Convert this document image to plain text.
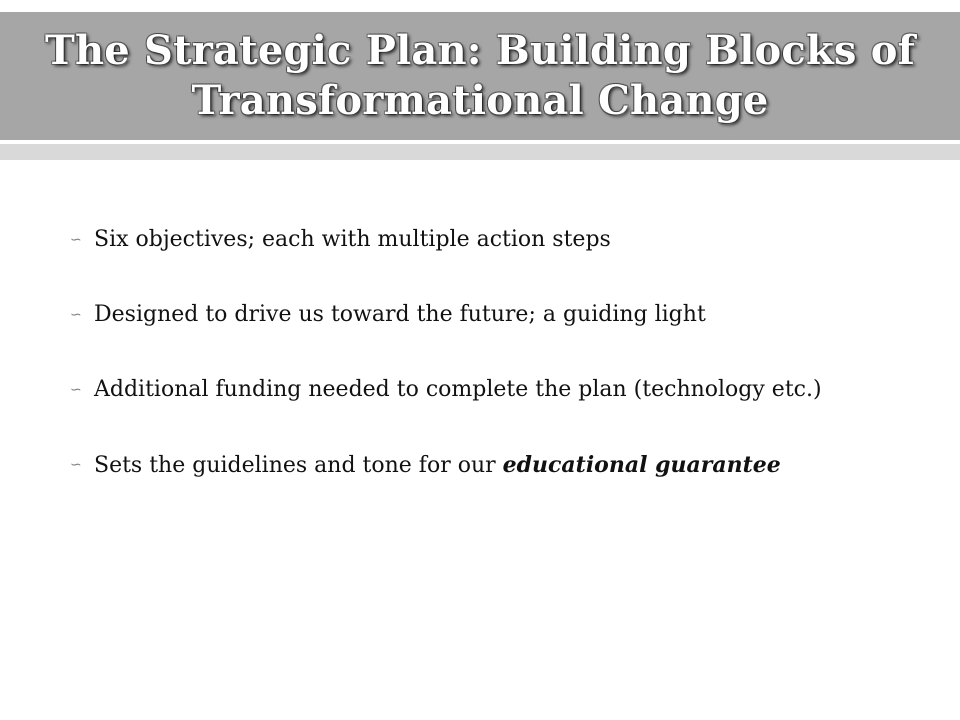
The Strategic Plan: Building Blocks of Transformational Change
∽ Six objectives; each with multiple action steps
∽ Designed to drive us toward the future; a guiding light
∽ Additional funding needed to complete the plan (technology etc.)
∽ Sets the guidelines and tone for our educational guarantee
